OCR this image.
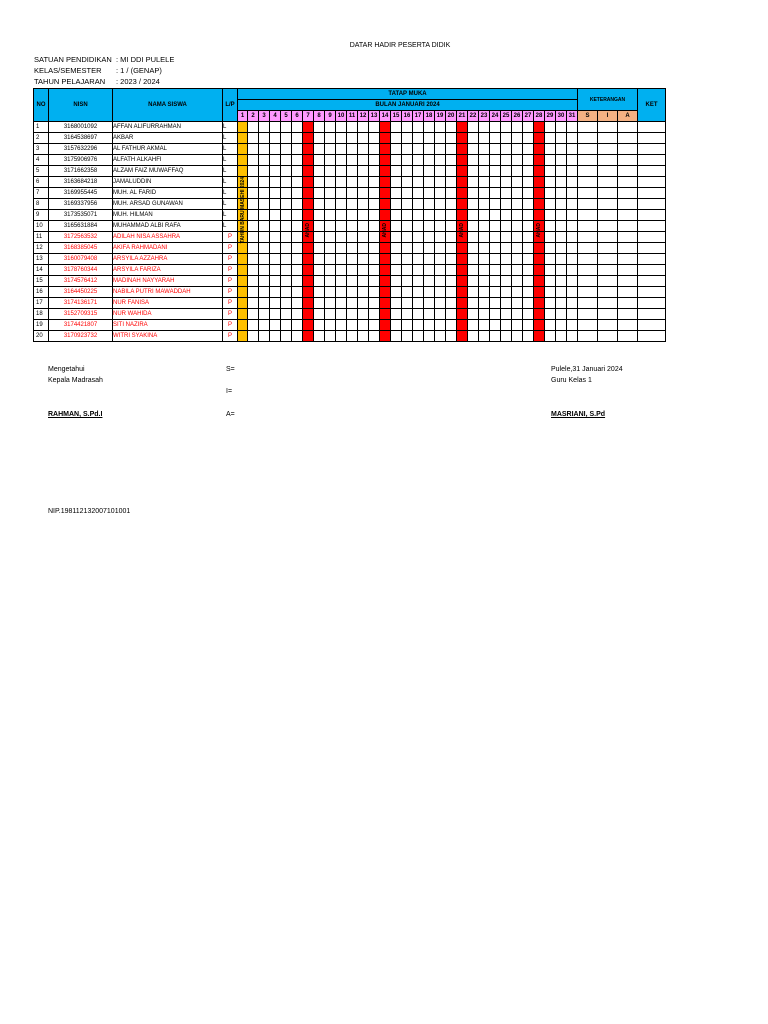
DATAR HADIR PESERTA DIDIK
SATUAN PENDIDIKAN : MI DDI PULELE
KELAS/SEMESTER : 1 / (GENAP)
TAHUN PELAJARAN : 2023 / 2024
NO	NISN	NAMA SISWA	L/P	TATAP MUKA																															KETERANGAN			KET
				BULAN JANUARI 2024																																		
				1	2	3	4	5	6	7	8	9	10	11	12	13	14	15	16	17	18	19	20	21	22	23	24	25	26	27	28	29	30	31	S	I	A	
1	3168001092	AFFAN ALIFURRAHMAN	L																																			
2	3164538697	AKBAR	L																																			
3	3157632296	AL FATHUR AKMAL	L																																			
4	3175906976	ALFATH ALKAHFI	L																																			
5	3171662358	ALZAM FAIZ MUWAFFAQ	L																																			
6	3163684218	JAMALUDDIN	L																																			
7	3169955445	MUH. AL FARID	L																																			
8	3169337956	MUH. ARSAD GUNAWAN	L																																			
9	3173535071	MUH. HILMAN	L																																			
10	3165631884	MUHAMMAD ALBI RAFA	L																																			
11	3172563532	ADILAH NISA ASSAHRA	P																																			
12	3168385045	AKIFA RAHMADANI	P																																			
13	3160079408	ARSYILA AZZAHRA	P																																			
14	3178760344	ARSYILA FARIZA	P																																			
15	3174576412	MADINAH NAYYARAH	P																																			
16	3164450225	NABILA PUTRI MAWADDAH	P																																			
17	3174136171	NUR FANISA	P																																			
18	3152709315	NUR WAHIDA	P																																			
19	3174421807	SITI NAZIRA	P																																			
20	3170923732	WITRI SYAKINA	P																																			
TAHUN BARU MASEHI 2024
Mengetahui
Kepala Madrasah
RAHMAN, S.Pd.I
NIP.198112132007101001
S=
I=
A=
Pulele,31 Januari 2024
Guru Kelas 1
MASRIANI, S.Pd
AHAD	AHAD	AHAD	AHAD
